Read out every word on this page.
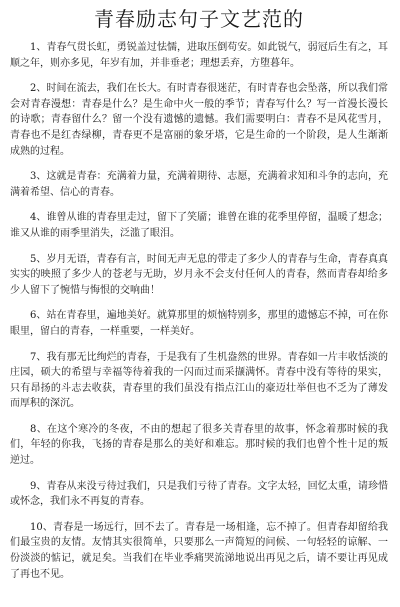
青春励志句子文艺范的

1、青春气贯长虹，勇锐盖过怯懦，进取压倒苟安。如此锐气，弱冠后生有之，耳顺之年，则亦多见，年岁有加，并非垂老；理想丢弃，方堕暮年。

2、时间在流去，我们在长大。有时青春很迷茫，有时青春也会坠落，所以我们常会对青春漫想：青春是什么？是生命中火一般的季节；青春写什么？写一首漫长漫长的诗歌；青春留什么？留一个没有遗憾的遗憾。我们需要明白：青春不是风花雪月，青春也不是红杏绿柳，青春更不是富丽的象牙塔，它是生命的一个阶段，是人生渐渐成熟的过程。

3、这就是青春：充满着力量，充满着期待、志愿，充满着求知和斗争的志向，充满着希望、信心的青春。

4、谁曾从谁的青春里走过，留下了笑靥；谁曾在谁的花季里停留，温暖了想念；谁又从谁的雨季里消失，泛滥了眼泪。

5、岁月无语，青春有言，时间无声无息的带走了多少人的青春与生命，青春真真实实的映照了多少人的苍老与无助，岁月永不会支付任何人的青春，然而青春却给多少人留下了惋惜与悔恨的交响曲！

6、站在青春里，遍地美好。就算那里的烦恼特别多，那里的遗憾忘不掉，可在你眼里，留白的青春，一样重要，一样美好。

7、我有那无比绚烂的青春，于是我有了生机盎然的世界。青春如一片丰收恬淡的庄园，硕大的希望与幸福等待着我的一闪而过而采撷满怀。青春中没有等待的果实，只有昂扬的斗志去收获，青春里的我们虽没有指点江山的豪迈壮举但也不乏为了薄发而厚积的深沉。

8、在这个寒冷的冬夜，不由的想起了很多关青春里的故事，怀念着那时候的我们，年轻的你我，飞扬的青春是那么的美好和难忘。那时候的我们也曾个性十足的叛逆过。

9、青春从来没亏待过我们，只是我们亏待了青春。文字太轻，回忆太重，请珍惜或怀念，我们永不再复的青春。

10、青春是一场远行，回不去了。青春是一场相逢，忘不掉了。但青春却留给我们最宝贵的友情。友情其实很简单，只要那么一声简短的问候、一句轻轻的谅解、一份淡淡的惦记，就足矣。当我们在毕业季痛哭流涕地说出再见之后，请不要让再见成了再也不见。
